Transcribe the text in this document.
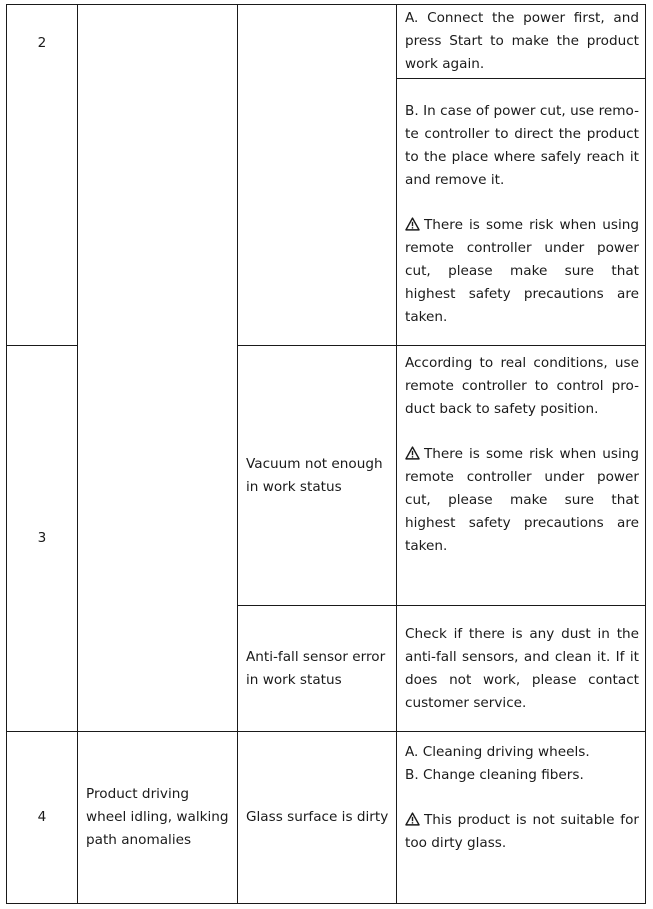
2

A. Connect the power first, and press Start to make the product work again.

B. In case of power cut, use remo-te controller to direct the product to the place where safely reach it and remove it.

There is some risk when using remote controller under power cut, please make sure that highest safety precautions are taken.

3

Vacuum not enough in work status

According to real conditions, use remote controller to control pro-duct back to safety position.

There is some risk when using remote controller under power cut, please make sure that highest safety precautions are taken.

Anti-fall sensor error in work status

Check if there is any dust in the anti-fall sensors, and clean it. If it does not work, please contact customer service.

4

Product driving wheel idling, walking path anomalies

Glass surface is dirty

A. Cleaning driving wheels.

B. Change cleaning fibers.

This product is not suitable for too dirty glass.
